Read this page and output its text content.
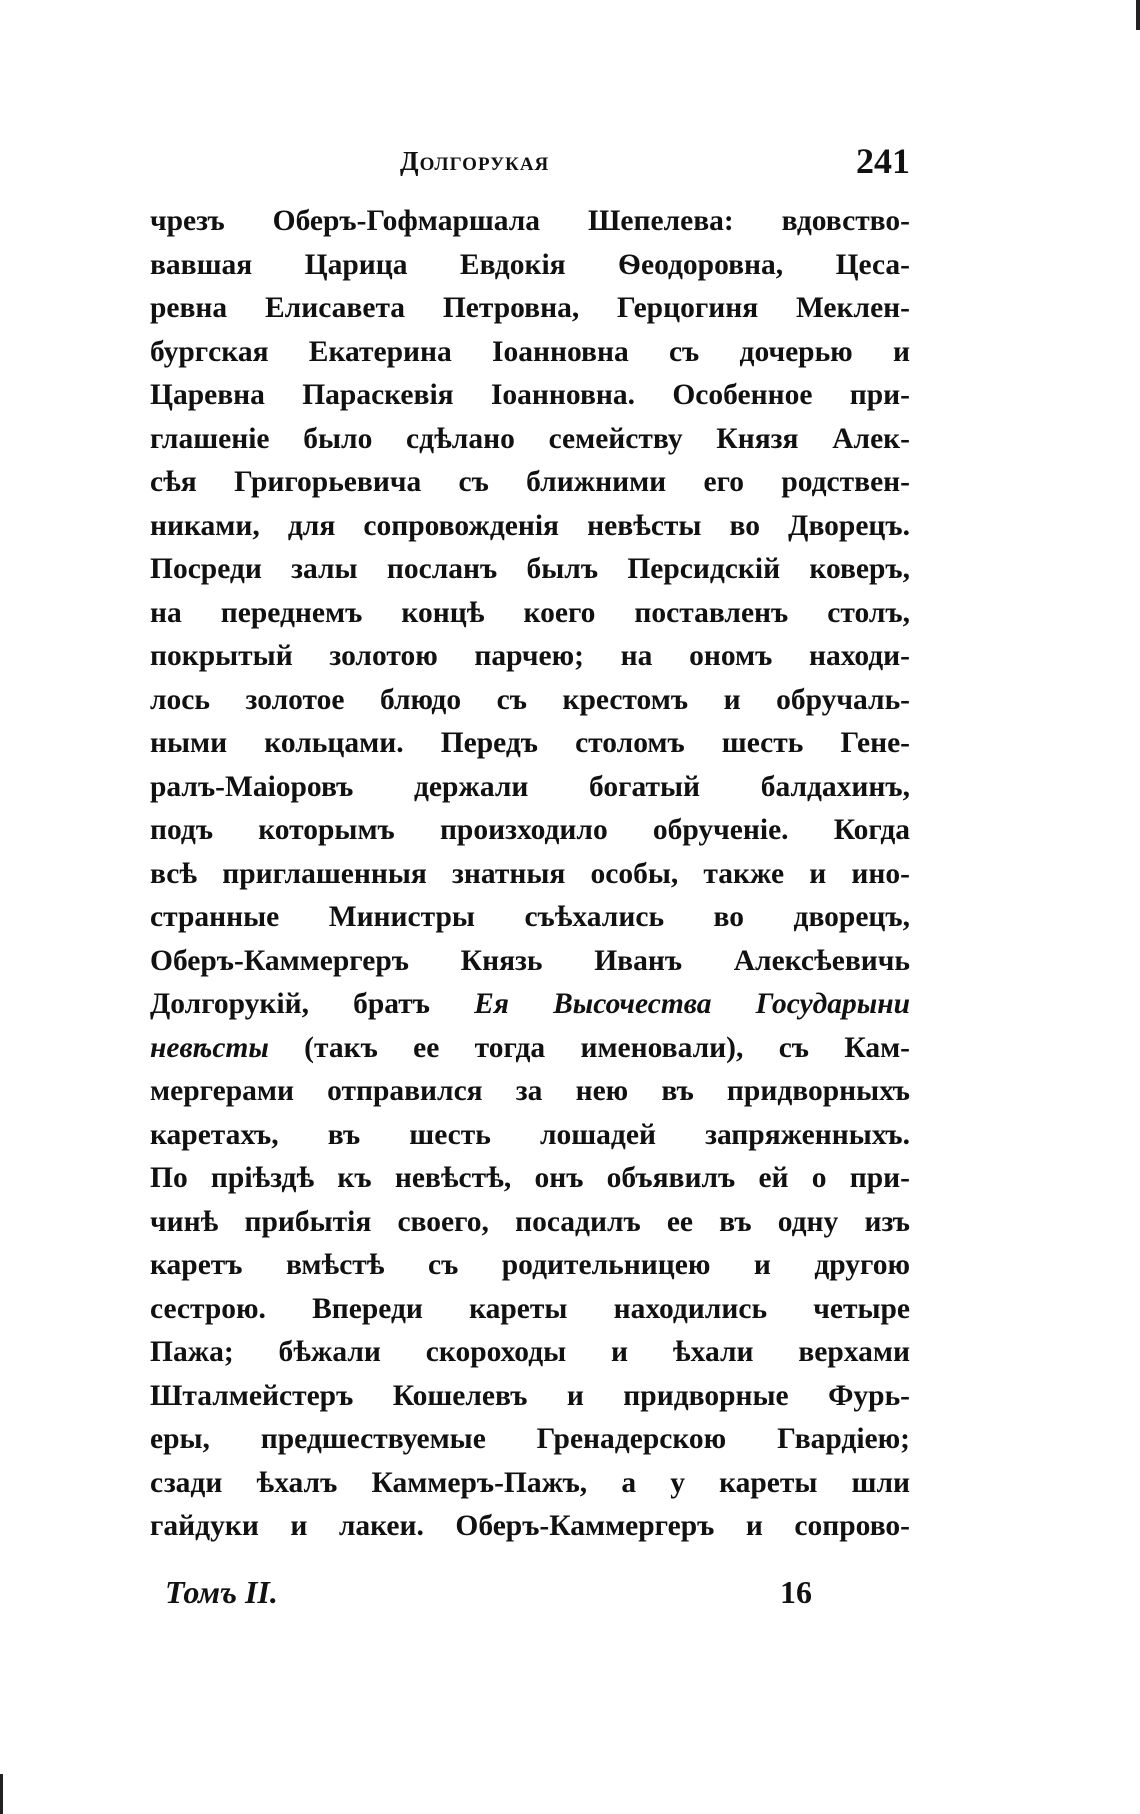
Долгорукая	241
чрезъ Оберъ-Гофмаршала Шепелева: вдовство-
вавшая Царица Евдокія Ѳеодоровна, Цеса-
ревна Елисавета Петровна, Герцогиня Меклен-
бургская Екатерина Іоанновна съ дочерью и
Царевна Параскевія Іоанновна. Особенное при-
глашеніе было сдѣлано семейству Князя Алек-
сѣя Григорьевича съ ближними его родствен-
никами, для сопровожденія невѣсты во Дворецъ.
Посреди залы посланъ былъ Персидскій коверъ,
на переднемъ концѣ коего поставленъ столъ,
покрытый золотою парчею; на ономъ находи-
лось золотое блюдо съ крестомъ и обручаль-
ными кольцами. Передъ столомъ шесть Гене-
ралъ-Маіоровъ держали богатый балдахинъ,
подъ которымъ произходило обрученіе. Когда
всѣ приглашенныя знатныя особы, также и ино-
странные Министры съѣхались во дворецъ,
Оберъ-Каммергеръ Князь Иванъ Алексѣевичь
Долгорукій, братъ Ея Высочества Государыни
невѣсты (такъ ее тогда именовали), съ Кам-
мергерами отправился за нею въ придворныхъ
каретахъ, въ шесть лошадей запряженныхъ.
По пріѣздѣ къ невѣстѣ, онъ объявилъ ей о при-
чинѣ прибытія своего, посадилъ ее въ одну изъ
каретъ вмѣстѣ съ родительницею и другою
сестрою. Впереди кареты находились четыре
Пажа; бѣжали скороходы и ѣхали верхами
Шталмейстеръ Кошелевъ и придворные Фурь-
еры, предшествуемые Гренадерскою Гвардіею;
сзади ѣхалъ Каммеръ-Пажъ, а у кареты шли
гайдуки и лакеи. Оберъ-Каммергеръ и сопрово-
Томъ II.	16
